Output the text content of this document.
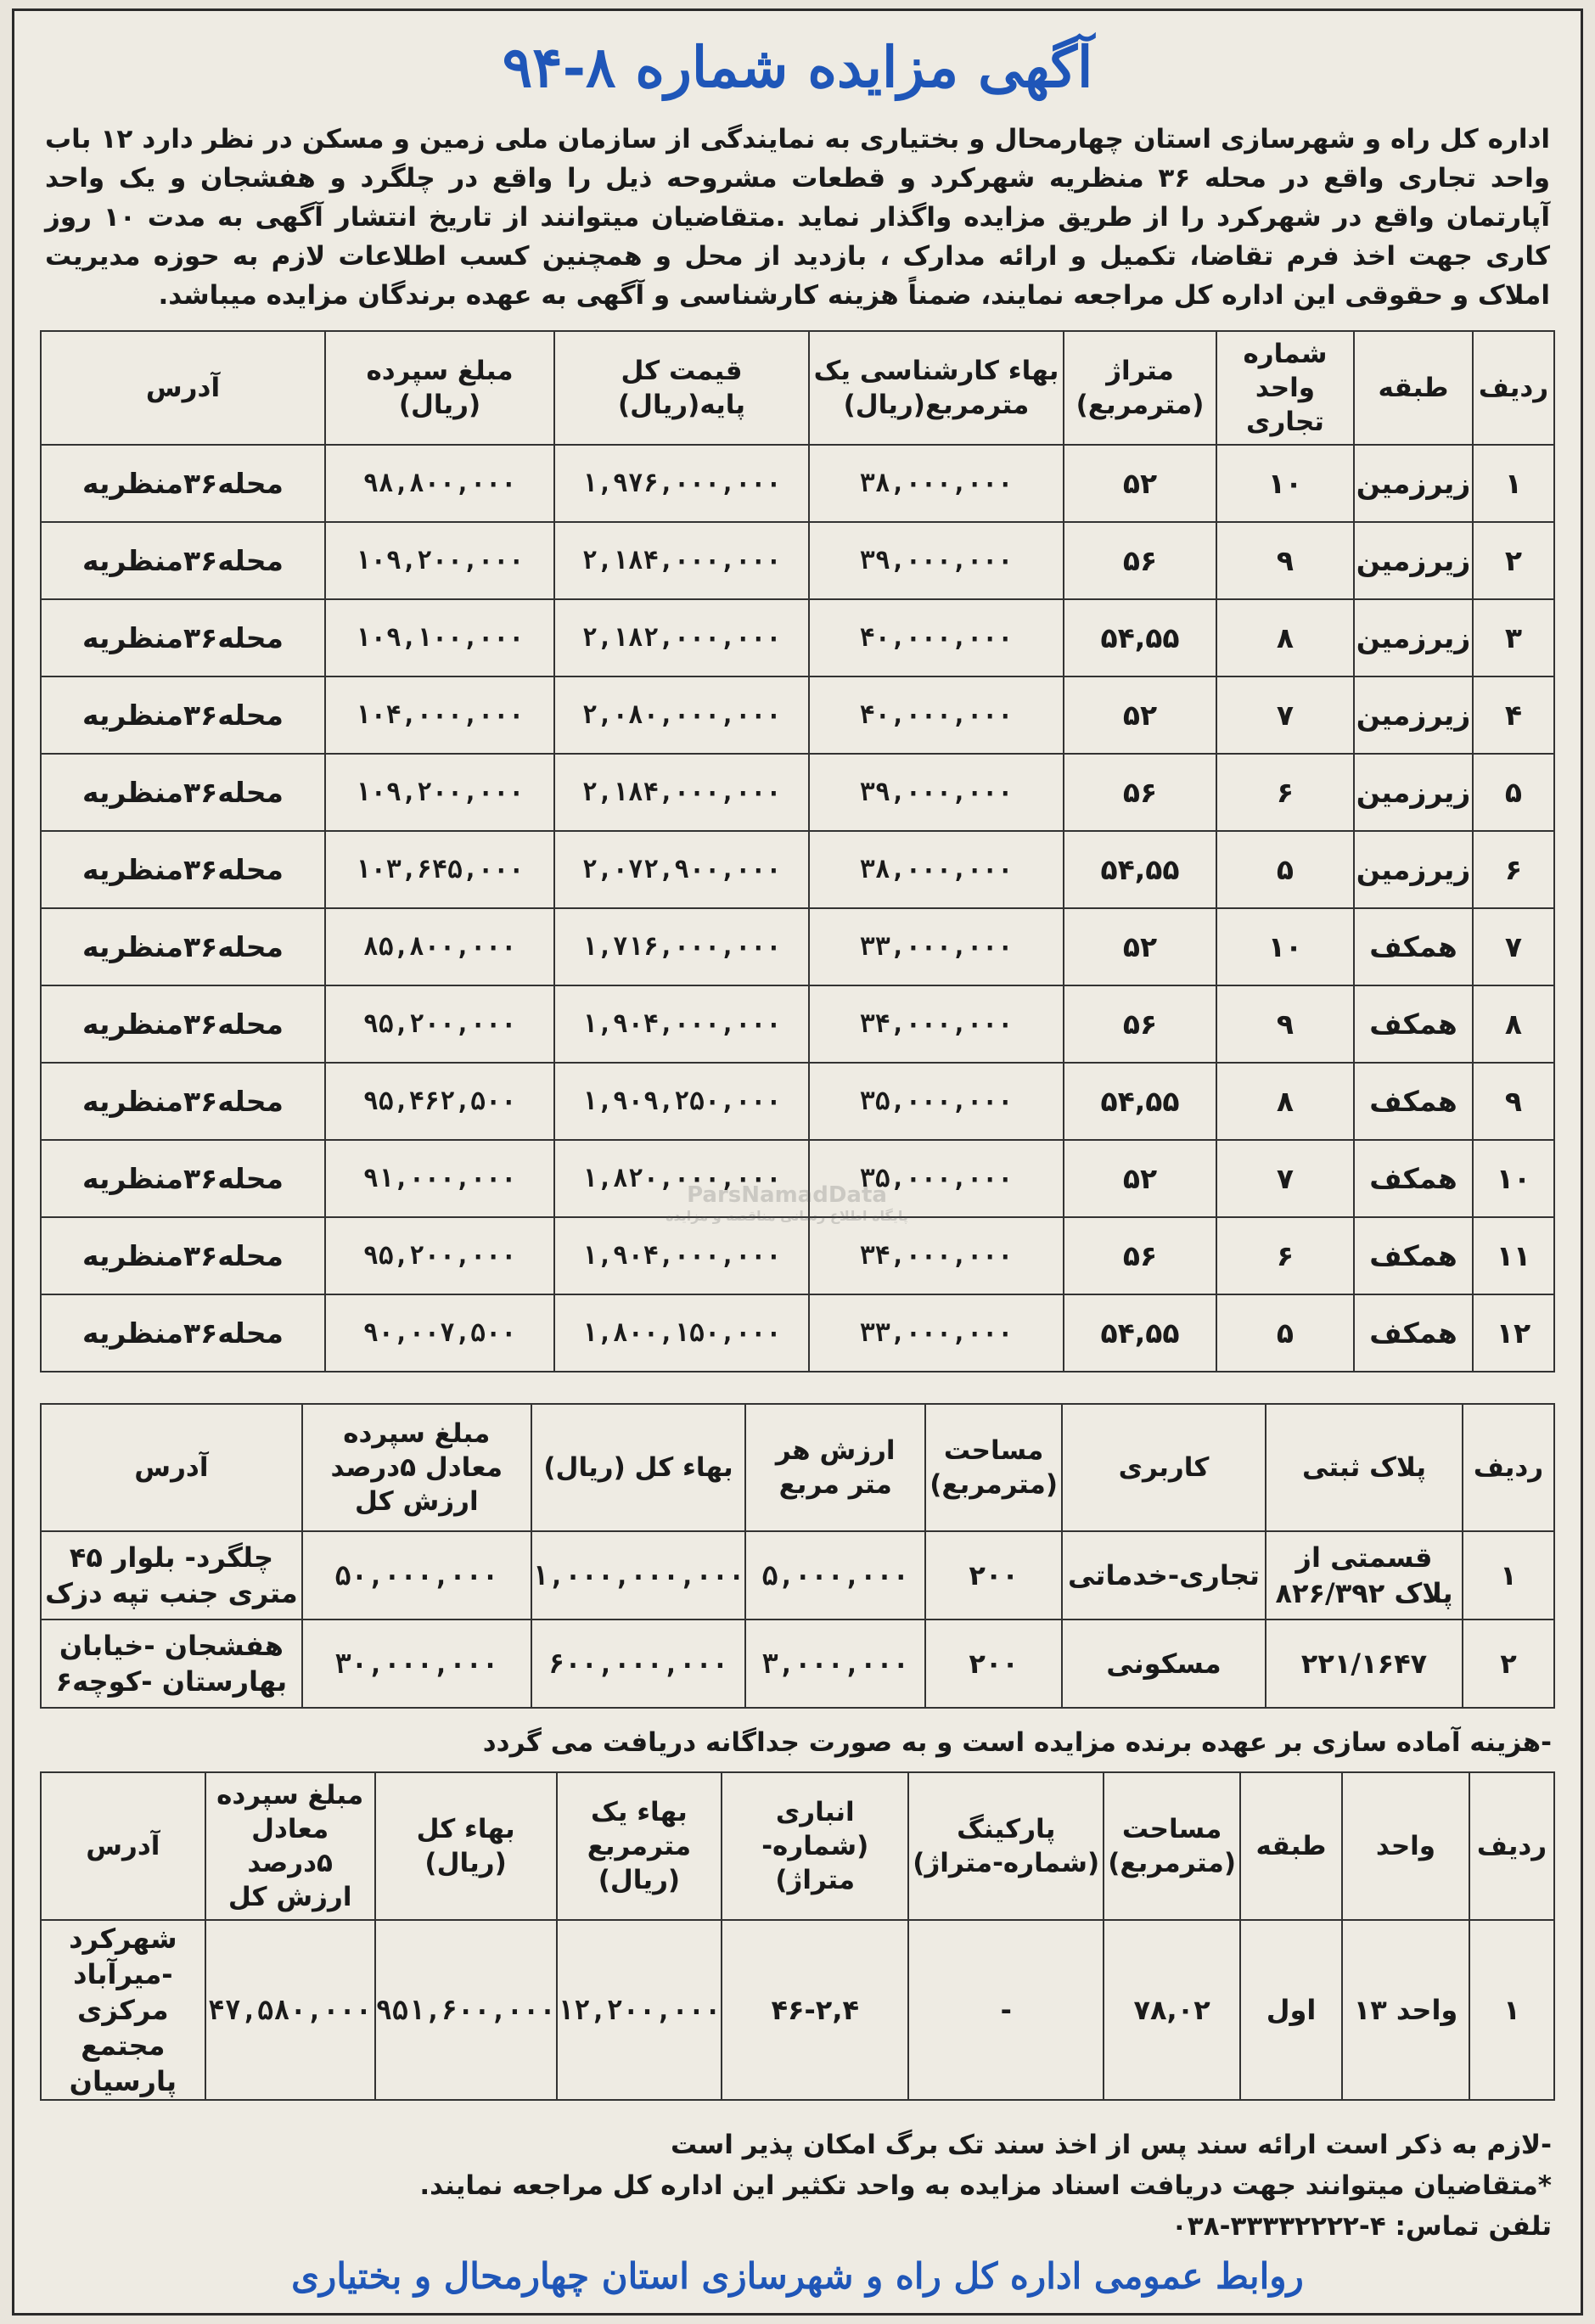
آگهی مزایده شماره ۸-۹۴

اداره کل راه و شهرسازی استان چهارمحال و بختیاری به نمایندگی از سازمان ملی زمین و مسکن در نظر دارد ۱۲ باب واحد تجاری واقع در محله ۳۶ منظریه شهرکرد و قطعات مشروحه ذیل را واقع در چلگرد و هفشجان و یک واحد آپارتمان واقع در شهرکرد را از طریق مزایده واگذار نماید .متقاضیان میتوانند از تاریخ انتشار آگهی به مدت ۱۰ روز کاری جهت اخذ فرم تقاضا، تکمیل و ارائه مدارک ، بازدید از محل و همچنین کسب اطلاعات لازم به حوزه مدیریت املاک و حقوقی این اداره کل مراجعه نمایند، ضمناً هزینه کارشناسی و آگهی به عهده برندگان مزایده میباشد.

ردیف	طبقه	شماره واحد تجاری	متراژ (مترمربع)	بهاء کارشناسی یک مترمربع(ریال)	قیمت کل پایه(ریال)	مبلغ سپرده (ریال)	آدرس
۱	زیرزمین	۱۰	۵۲	۳۸,۰۰۰,۰۰۰	۱,۹۷۶,۰۰۰,۰۰۰	۹۸,۸۰۰,۰۰۰	محله۳۶منظریه
۲	زیرزمین	۹	۵۶	۳۹,۰۰۰,۰۰۰	۲,۱۸۴,۰۰۰,۰۰۰	۱۰۹,۲۰۰,۰۰۰	محله۳۶منظریه
۳	زیرزمین	۸	۵۴,۵۵	۴۰,۰۰۰,۰۰۰	۲,۱۸۲,۰۰۰,۰۰۰	۱۰۹,۱۰۰,۰۰۰	محله۳۶منظریه
۴	زیرزمین	۷	۵۲	۴۰,۰۰۰,۰۰۰	۲,۰۸۰,۰۰۰,۰۰۰	۱۰۴,۰۰۰,۰۰۰	محله۳۶منظریه
۵	زیرزمین	۶	۵۶	۳۹,۰۰۰,۰۰۰	۲,۱۸۴,۰۰۰,۰۰۰	۱۰۹,۲۰۰,۰۰۰	محله۳۶منظریه
۶	زیرزمین	۵	۵۴,۵۵	۳۸,۰۰۰,۰۰۰	۲,۰۷۲,۹۰۰,۰۰۰	۱۰۳,۶۴۵,۰۰۰	محله۳۶منظریه
۷	همکف	۱۰	۵۲	۳۳,۰۰۰,۰۰۰	۱,۷۱۶,۰۰۰,۰۰۰	۸۵,۸۰۰,۰۰۰	محله۳۶منظریه
۸	همکف	۹	۵۶	۳۴,۰۰۰,۰۰۰	۱,۹۰۴,۰۰۰,۰۰۰	۹۵,۲۰۰,۰۰۰	محله۳۶منظریه
۹	همکف	۸	۵۴,۵۵	۳۵,۰۰۰,۰۰۰	۱,۹۰۹,۲۵۰,۰۰۰	۹۵,۴۶۲,۵۰۰	محله۳۶منظریه
۱۰	همکف	۷	۵۲	۳۵,۰۰۰,۰۰۰	۱,۸۲۰,۰۰۰,۰۰۰	۹۱,۰۰۰,۰۰۰	محله۳۶منظریه
۱۱	همکف	۶	۵۶	۳۴,۰۰۰,۰۰۰	۱,۹۰۴,۰۰۰,۰۰۰	۹۵,۲۰۰,۰۰۰	محله۳۶منظریه
۱۲	همکف	۵	۵۴,۵۵	۳۳,۰۰۰,۰۰۰	۱,۸۰۰,۱۵۰,۰۰۰	۹۰,۰۰۷,۵۰۰	محله۳۶منظریه
ردیف	پلاک ثبتی	کاربری	مساحت (مترمربع)	ارزش هر متر مربع	بهاء کل (ریال)	مبلغ سپرده معادل ۵درصد ارزش کل	آدرس
۱	قسمتی از پلاک ۸۲۶/۳۹۲	تجاری-خدماتی	۲۰۰	۵,۰۰۰,۰۰۰	۱,۰۰۰,۰۰۰,۰۰۰	۵۰,۰۰۰,۰۰۰	چلگرد- بلوار ۴۵ متری جنب تپه دزک
۲	۲۲۱/۱۶۴۷	مسکونی	۲۰۰	۳,۰۰۰,۰۰۰	۶۰۰,۰۰۰,۰۰۰	۳۰,۰۰۰,۰۰۰	هفشجان -خیابان بهارستان -کوچه۶
-هزینه آماده سازی بر عهده برنده مزایده است و به صورت جداگانه دریافت می گردد
ردیف	واحد	طبقه	مساحت (مترمربع)	پارکینگ (شماره-متراژ)	انباری (شماره-متراژ)	بهاء یک مترمربع (ریال)	بهاء کل (ریال)	مبلغ سپرده معادل ۵درصد ارزش کل	آدرس
۱	واحد ۱۳	اول	۷۸,۰۲	-	۴۶-۲,۴	۱۲,۲۰۰,۰۰۰	۹۵۱,۶۰۰,۰۰۰	۴۷,۵۸۰,۰۰۰	شهرکرد -میرآباد مرکزی مجتمع پارسیان
-لازم به ذکر است ارائه سند پس از اخذ سند تک برگ امکان پذیر است
*متقاضیان میتوانند جهت دریافت اسناد مزایده به واحد تکثیر این اداره کل مراجعه نمایند.
تلفن تماس: ۰۳۸-۳۳۳۳۲۲۲۲-۴
روابط عمومی اداره کل راه و شهرسازی استان چهارمحال و بختیاری
ParsNamadData
پایگاه اطلاع رسانی مناقصه و مزایده
